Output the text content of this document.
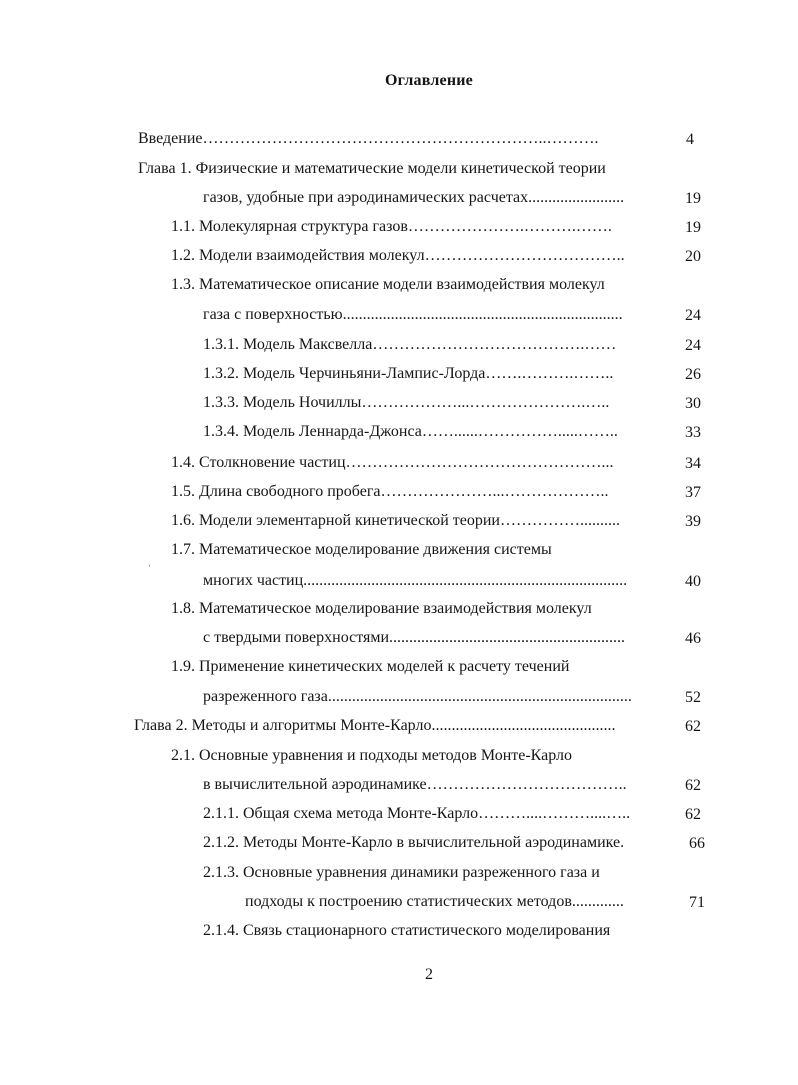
Оглавление
Введение………………………………………………………..……….	4
Глава 1. Физические и математические модели кинетической теории
газов, удобные при аэродинамических расчетах........................	19
1.1. Молекулярная структура газов………………….……….…….	19
1.2. Модели взаимодействия молекул………………………………..	20
1.3. Математическое описание модели взаимодействия молекул
газа с поверхностью......................................................................	24
1.3.1. Модель Максвелла………………………………….……	24
1.3.2. Модель Черчиньяни-Лампис-Лорда…….……….……..	26
1.3.3. Модель Ночиллы………………...………………….…..	30
1.3.4. Модель Леннарда-Джонса……......…………….....……..	33
1.4. Столкновение частиц…………………………………………...	34
1.5. Длина свободного пробега…………………...………………..	37
1.6. Модели элементарной кинетической теории……………..........	39
ˌ
1.7. Математическое моделирование движения системы
многих частиц.................................................................................	40
1.8. Математическое моделирование взаимодействия молекул
с твердыми поверхностями...........................................................	46
1.9. Применение кинетических моделей к расчету течений
разреженного газа............................................................................	52
Глава 2. Методы и алгоритмы Монте-Карло..............................................	62
2.1. Основные уравнения и подходы методов Монте-Карло
в вычислительной аэродинамике………………………………..	62
2.1.1. Общая схема метода Монте-Карло………....………....…..	62
2.1.2. Методы Монте-Карло в вычислительной аэродинамике.	66
2.1.3. Основные уравнения динамики разреженного газа и
подходы к построению статистических методов.............	71
2.1.4. Связь стационарного статистического моделирования
2
